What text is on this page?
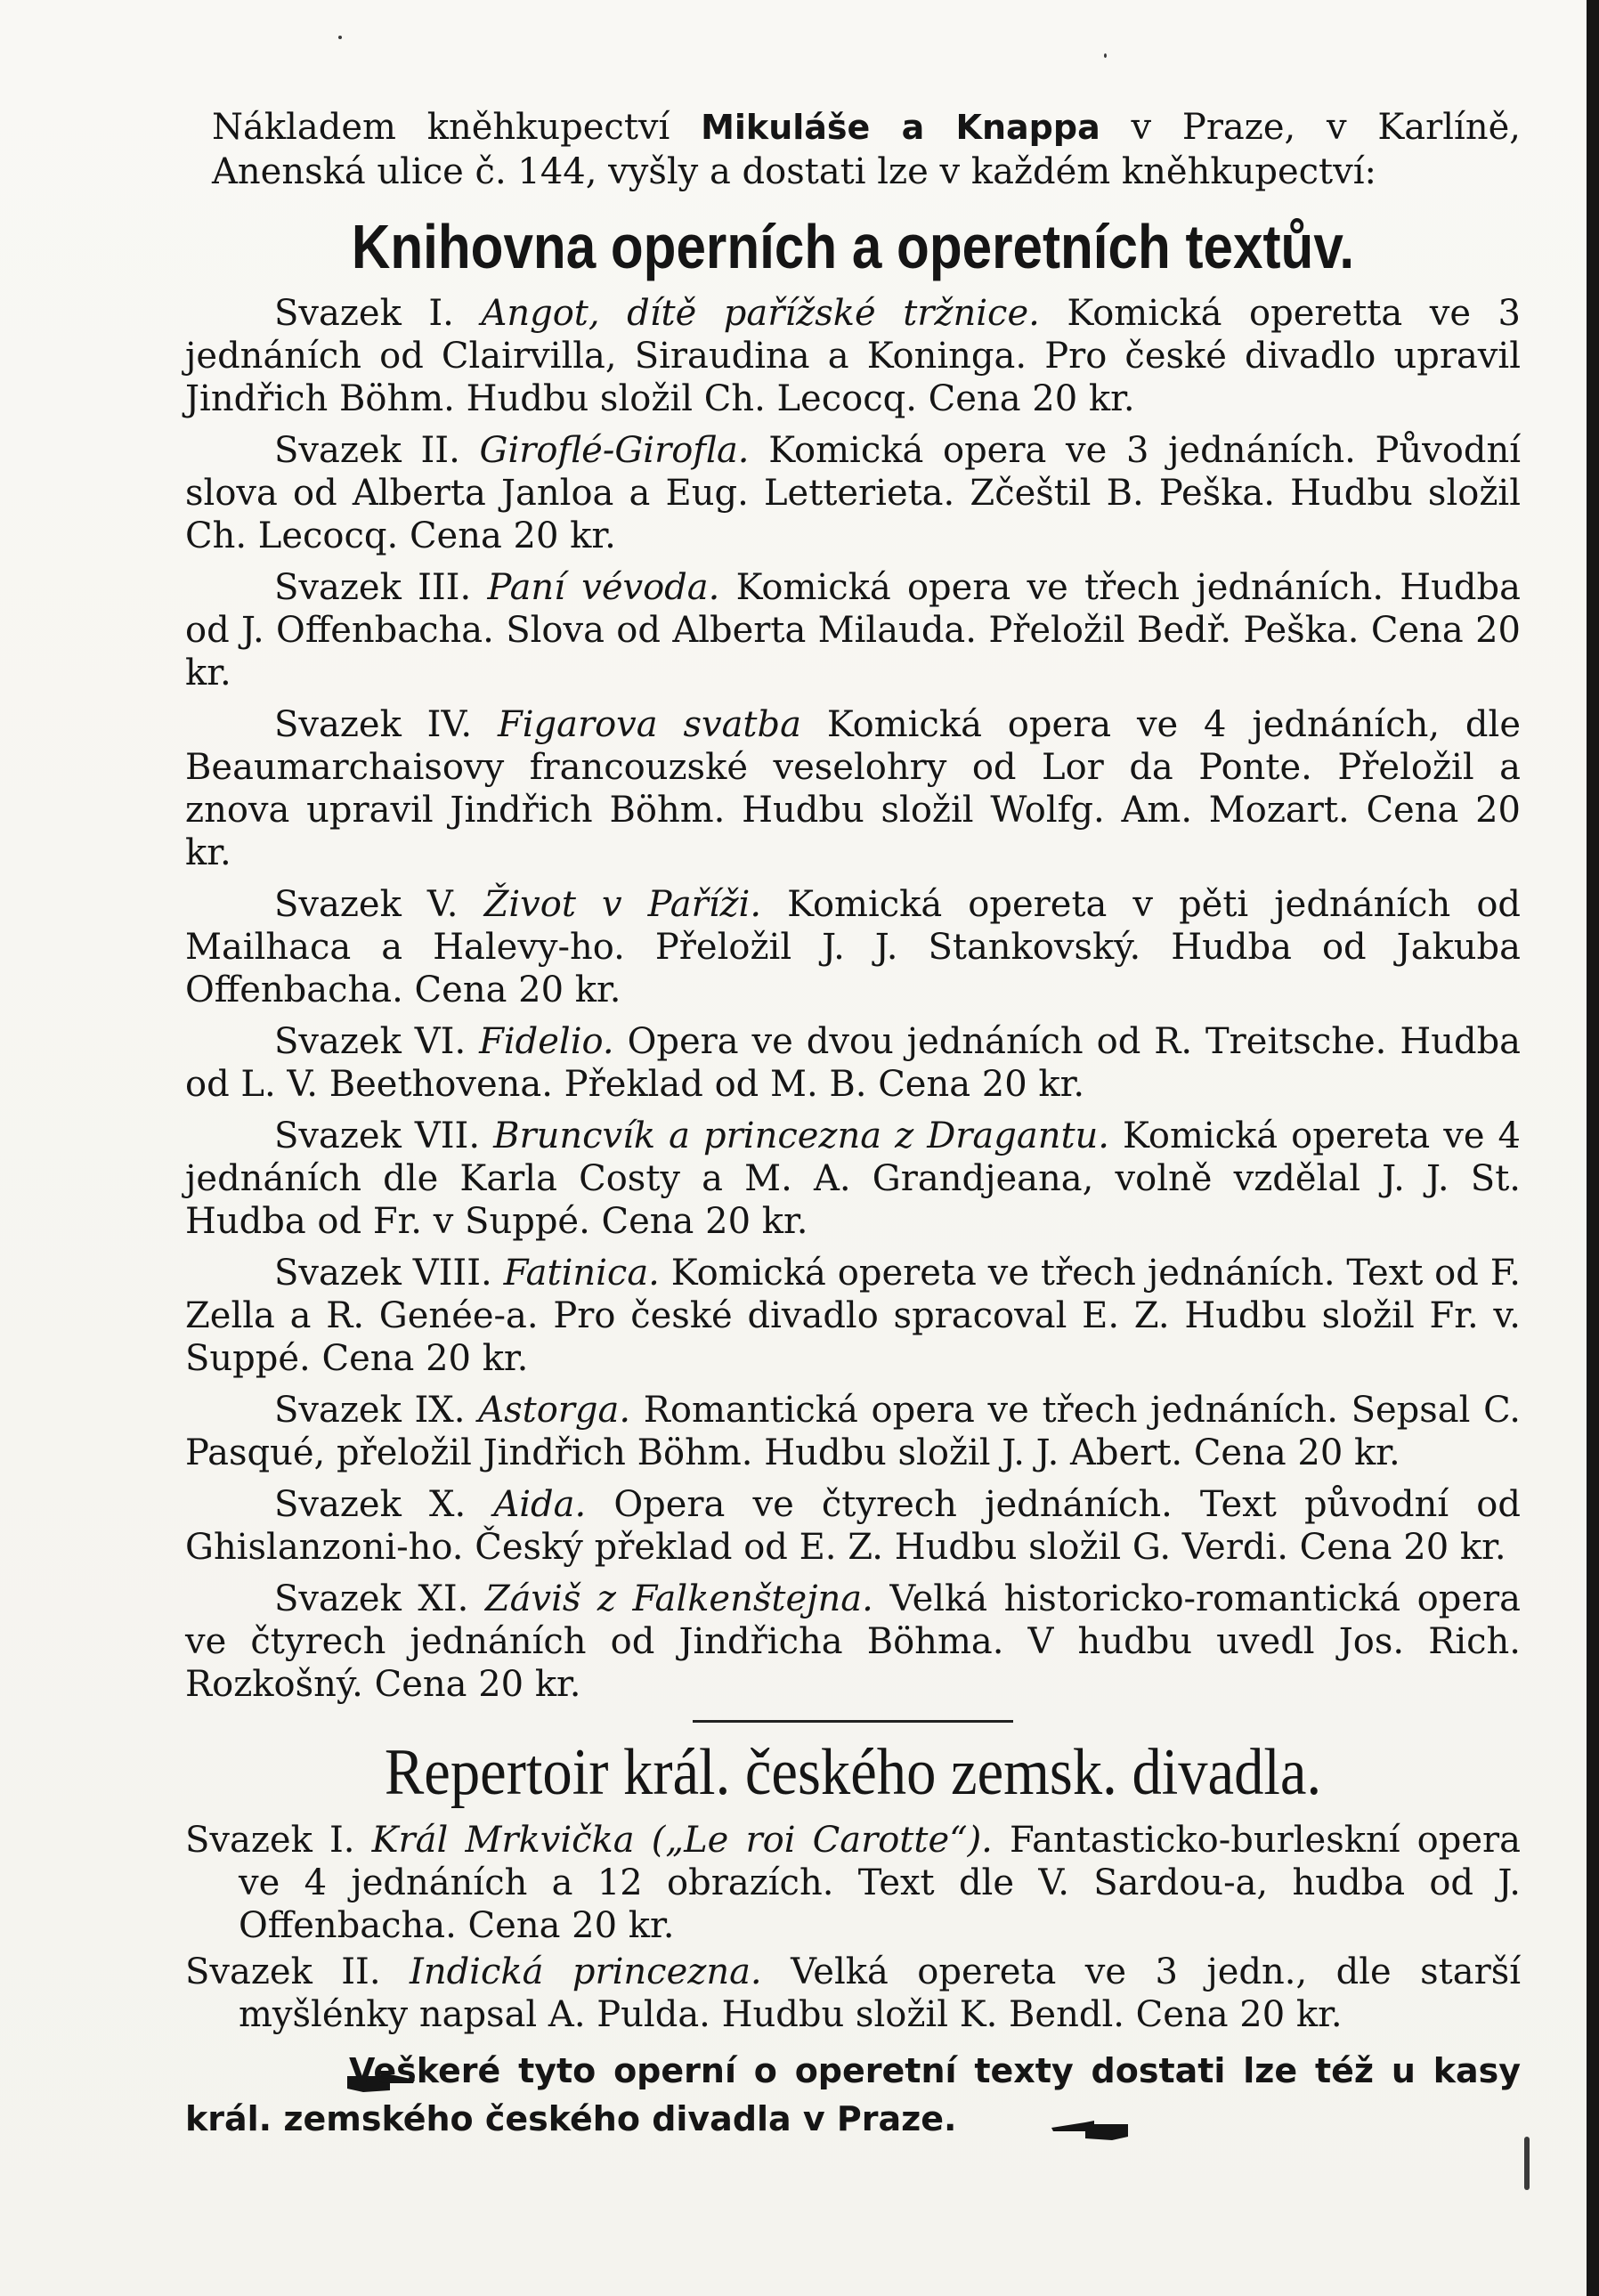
Nákladem kněhkupectví Mikuláše a Knappa v Praze, v Karlíně, Anenská ulice č. 144, vyšly a dostati lze v každém kněhkupectví:

Knihovna operních a operetních textův.

Svazek I. Angot, dítě pařížské tržnice. Komická operetta ve 3 jednáních od Clairvilla, Siraudina a Koninga. Pro české divadlo upravil Jindřich Böhm. Hudbu složil Ch. Lecocq. Cena 20 kr.

Svazek II. Giroflé-Girofla. Komická opera ve 3 jednáních. Původní slova od Alberta Janloa a Eug. Letterieta. Zčeštil B. Peška. Hudbu složil Ch. Lecocq. Cena 20 kr.

Svazek III. Paní vévoda. Komická opera ve třech jednáních. Hudba od J. Offenbacha. Slova od Alberta Milauda. Přeložil Bedř. Peška. Cena 20 kr.

Svazek IV. Figarova svatba Komická opera ve 4 jednáních, dle Beaumarchaisovy francouzské veselohry od Lor da Ponte. Přeložil a znova upravil Jindřich Böhm. Hudbu složil Wolfg. Am. Mozart. Cena 20 kr.

Svazek V. Život v Paříži. Komická opereta v pěti jednáních od Mailhaca a Halevy-ho. Přeložil J. J. Stankovský. Hudba od Jakuba Offenbacha. Cena 20 kr.

Svazek VI. Fidelio. Opera ve dvou jednáních od R. Treitsche. Hudba od L. V. Beethovena. Překlad od M. B. Cena 20 kr.

Svazek VII. Bruncvík a princezna z Dragantu. Komická opereta ve 4 jednáních dle Karla Costy a M. A. Grandjeana, volně vzdělal J. J. St. Hudba od Fr. v Suppé. Cena 20 kr.

Svazek VIII. Fatinica. Komická opereta ve třech jednáních. Text od F. Zella a R. Genée-a. Pro české divadlo spracoval E. Z. Hudbu složil Fr. v. Suppé. Cena 20 kr.

Svazek IX. Astorga. Romantická opera ve třech jednáních. Sepsal C. Pasqué, přeložil Jindřich Böhm. Hudbu složil J. J. Abert. Cena 20 kr.

Svazek X. Aida. Opera ve čtyrech jednáních. Text původní od Ghislanzoni-ho. Český překlad od E. Z. Hudbu složil G. Verdi. Cena 20 kr.

Svazek XI. Záviš z Falkenštejna. Velká historicko-romantická opera ve čtyrech jednáních od Jindřicha Böhma. V hudbu uvedl Jos. Rich. Rozkošný. Cena 20 kr.

Repertoir král. českého zemsk. divadla.

Svazek I. Král Mrkvička („Le roi Carotte“). Fantasticko-burleskní opera ve 4 jednáních a 12 obrazích. Text dle V. Sardou-a, hudba od J. Offenbacha. Cena 20 kr.

Svazek II. Indická princezna. Velká opereta ve 3 jedn., dle starší myšlénky napsal A. Pulda. Hudbu složil K. Bendl. Cena 20 kr.

Veškeré tyto operní o operetní texty dostati lze též u kasy král. zemského českého divadla v Praze.
